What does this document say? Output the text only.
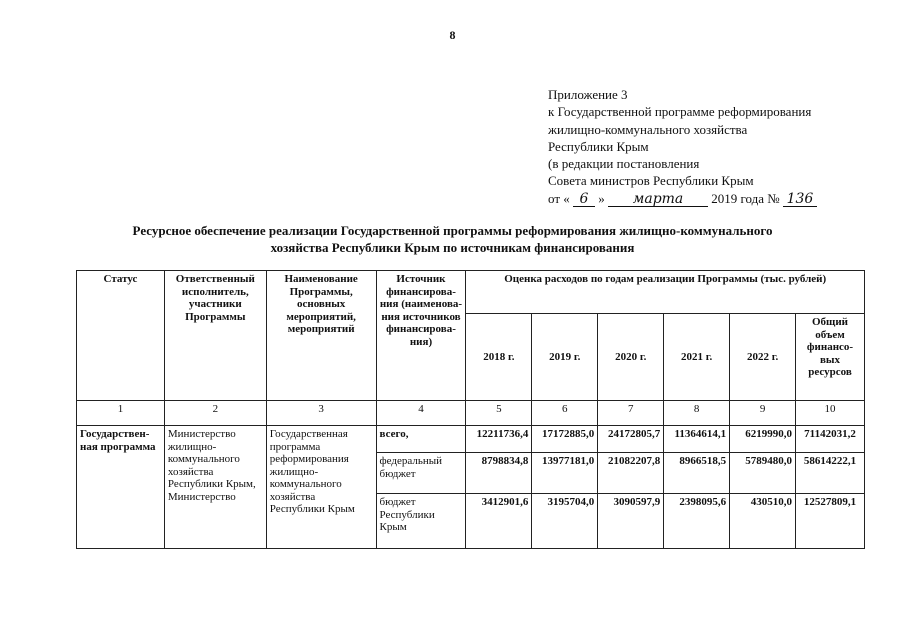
8
Приложение 3
к Государственной программе реформирования
жилищно-коммунального хозяйства
Республики Крым
(в редакции постановления
Совета министров Республики Крым
от « 6 » марта 2019 года № 136
Ресурсное обеспечение реализации Государственной программы реформирования жилищно-коммунального
хозяйства Республики Крым по источникам финансирования
Статус	Ответственный исполнитель, участники Программы	Наименование Программы, основных мероприятий, мероприятий	Источник финансирова-ния (наименова-ния источников финансирова-ния)	Оценка расходов по годам реализации Программы (тыс. рублей)					
				2018 г.	2019 г.	2020 г.	2021 г.	2022 г.	Общий объем финансо-вых ресурсов
1	2	3	4	5	6	7	8	9	10
Государствен-ная программа	Министерство жилищно-коммунального хозяйства Республики Крым, Министерство	Государственная программа реформирования жилищно-коммунального хозяйства Республики Крым	всего,	12211736,4	17172885,0	24172805,7	11364614,1	6219990,0	71142031,2
			федеральный бюджет	8798834,8	13977181,0	21082207,8	8966518,5	5789480,0	58614222,1
			бюджет Республики Крым	3412901,6	3195704,0	3090597,9	2398095,6	430510,0	12527809,1
